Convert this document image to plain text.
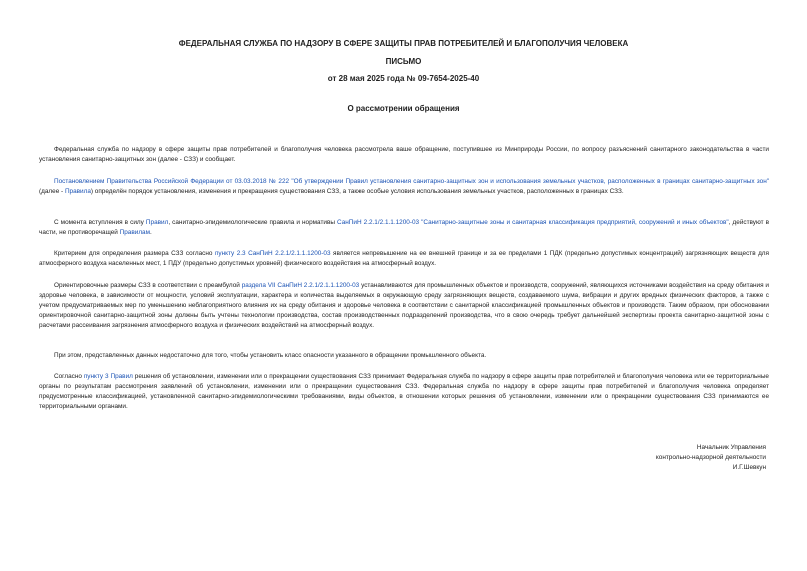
ФЕДЕРАЛЬНАЯ СЛУЖБА ПО НАДЗОРУ В СФЕРЕ ЗАЩИТЫ ПРАВ ПОТРЕБИТЕЛЕЙ И БЛАГОПОЛУЧИЯ ЧЕЛОВЕКА
ПИСЬМО
от 28 мая 2025 года № 09-7654-2025-40
О рассмотрении обращения

Федеральная служба по надзору в сфере защиты прав потребителей и благополучия человека рассмотрела ваше обращение, поступившее из Минприроды России, по вопросу разъяснений санитарного законодательства в части установления санитарно-защитных зон (далее - СЗЗ) и сообщает.

Постановлением Правительства Российской Федерации от 03.03.2018 № 222 "Об утверждении Правил установления санитарно-защитных зон и использования земельных участков, расположенных в границах санитарно-защитных зон" (далее - Правила) определён порядок установления, изменения и прекращения существования СЗЗ, а также особые условия использования земельных участков, расположенных в границах СЗЗ.

С момента вступления в силу Правил, санитарно-эпидемиологические правила и нормативы СанПиН 2.2.1/2.1.1.1200-03 "Санитарно-защитные зоны и санитарная классификация предприятий, сооружений и иных объектов", действуют в части, не противоречащей Правилам.

Критерием для определения размера СЗЗ согласно пункту 2.3 СанПиН 2.2.1/2.1.1.1200-03 является непревышение на ее внешней границе и за ее пределами 1 ПДК (предельно допустимых концентраций) загрязняющих веществ для атмосферного воздуха населенных мест, 1 ПДУ (предельно допустимых уровней) физического воздействия на атмосферный воздух.

Ориентировочные размеры СЗЗ в соответствии с преамбулой раздела VII СанПиН 2.2.1/2.1.1.1200-03 устанавливаются для промышленных объектов и производств, сооружений, являющихся источниками воздействия на среду обитания и здоровье человека, в зависимости от мощности, условий эксплуатации, характера и количества выделяемых в окружающую среду загрязняющих веществ, создаваемого шума, вибрации и других вредных физических факторов, а также с учетом предусматриваемых мер по уменьшению неблагоприятного влияния их на среду обитания и здоровье человека в соответствии с санитарной классификацией промышленных объектов и производств. Таким образом, при обосновании ориентировочной санитарно-защитной зоны должны быть учтены технологии производства, состав производственных подразделений производства, что в свою очередь требует дальнейшей экспертизы проекта санитарно-защитной зоны с расчетами рассеивания загрязнения атмосферного воздуха и физических воздействий на атмосферный воздух.

При этом, представленных данных недостаточно для того, чтобы установить класс опасности указанного в обращении промышленного объекта.

Согласно пункту 3 Правил решения об установлении, изменении или о прекращении существования СЗЗ принимает Федеральная служба по надзору в сфере защиты прав потребителей и благополучия человека или ее территориальные органы по результатам рассмотрения заявлений об установлении, изменении или о прекращении существования СЗЗ. Федеральная служба по надзору в сфере защиты прав потребителей и благополучия человека определяет предусмотренные классификацией, установленной санитарно-эпидемиологическими требованиями, виды объектов, в отношении которых решения об установлении, изменении или о прекращении существования СЗЗ принимаются ее территориальными органами.

Начальник Управления
контрольно-надзорной деятельности
И.Г.Шевкун
